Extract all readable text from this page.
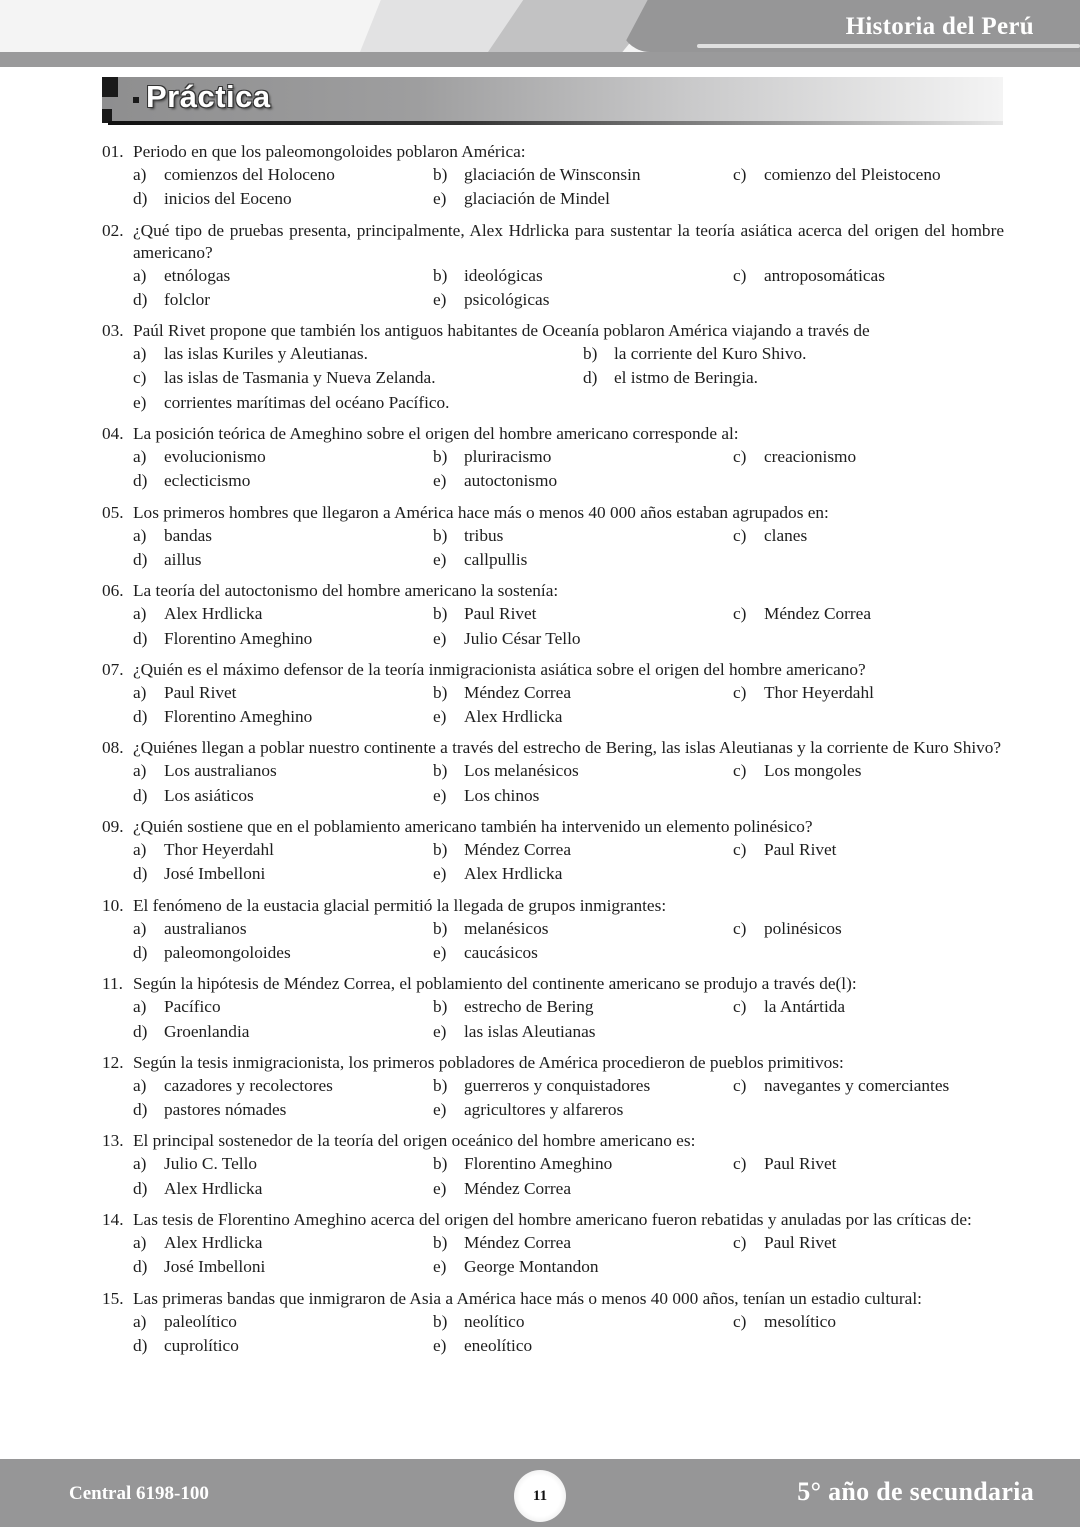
Historia del Perú
Práctica
01. Periodo en que los paleomongoloides poblaron América:
a)	comienzos del Holoceno	b) glaciación de Winsconsin	c)	comienzo del Pleistoceno
d) inicios del Eoceno	e)	glaciación de Mindel
02. ¿Qué tipo de pruebas presenta, principalmente, Alex Hdrlicka para sustentar la teoría asiática acerca del origen del hombre americano?
a)	etnólogas	b) ideológicas	c)	antroposomáticas
d) folclor	e)	psicológicas
03. Paúl Rivet propone que también los antiguos habitantes de Oceanía poblaron América viajando a través de
a)	las islas Kuriles y Aleutianas.	b) la corriente del Kuro Shivo.
c)	las islas de Tasmania y Nueva Zelanda.	d) el istmo de Beringia.
e)	corrientes marítimas del océano Pacífico.
04. La posición teórica de Ameghino sobre el origen del hombre americano corresponde al:
a)	evolucionismo	b) pluriracismo	c)	creacionismo
d) eclecticismo	e)	autoctonismo
05. Los primeros hombres que llegaron a América hace más o menos 40 000 años estaban agrupados en:
a)	bandas	b) tribus	c)	clanes
d) aillus	e)	callpullis
06. La teoría del autoctonismo del hombre americano la sostenía:
a)	Alex Hrdlicka	b) Paul Rivet	c)	Méndez Correa
d) Florentino Ameghino	e)	Julio César Tello
07. ¿Quién es el máximo defensor de la teoría inmigracionista asiática sobre el origen del hombre americano?
a)	Paul Rivet	b) Méndez Correa	c)	Thor Heyerdahl
d) Florentino Ameghino	e)	Alex Hrdlicka
08. ¿Quiénes llegan a poblar nuestro continente a través del estrecho de Bering, las islas Aleutianas y la corriente de Kuro Shivo?
a)	Los australianos	b) Los melanésicos	c)	Los mongoles
d) Los asiáticos	e)	Los chinos
09. ¿Quién sostiene que en el poblamiento americano también ha intervenido un elemento polinésico?
a)	Thor Heyerdahl	b) Méndez Correa	c)	Paul Rivet
d) José Imbelloni	e)	Alex Hrdlicka
10. El fenómeno de la eustacia glacial permitió la llegada de grupos inmigrantes:
a)	australianos	b) melanésicos	c)	polinésicos
d) paleomongoloides	e)	caucásicos
11. Según la hipótesis de Méndez Correa, el poblamiento del continente americano se produjo a través de(l):
a)	Pacífico	b) estrecho de Bering	c)	la Antártida
d) Groenlandia	e)	las islas Aleutianas
12. Según la tesis inmigracionista, los primeros pobladores de América procedieron de pueblos primitivos:
a)	cazadores y recolectores	b) guerreros y conquistadores	c)	navegantes y comerciantes
d) pastores nómades	e)	agricultores y alfareros
13. El principal sostenedor de la teoría del origen oceánico del hombre americano es:
a)	Julio C. Tello	b) Florentino Ameghino	c)	Paul Rivet
d) Alex Hrdlicka	e)	Méndez Correa
14. Las tesis de Florentino Ameghino acerca del origen del hombre americano fueron rebatidas y anuladas por las críticas de:
a)	Alex Hrdlicka	b) Méndez Correa	c)	Paul Rivet
d) José Imbelloni	e)	George Montandon
15. Las primeras bandas que inmigraron de Asia a América hace más o menos 40 000 años, tenían un estadio cultural:
a)	paleolítico	b) neolítico	c)	mesolítico
d) cuprolítico	e)	eneolítico
Central 6198-100	11	5° año de secundaria
